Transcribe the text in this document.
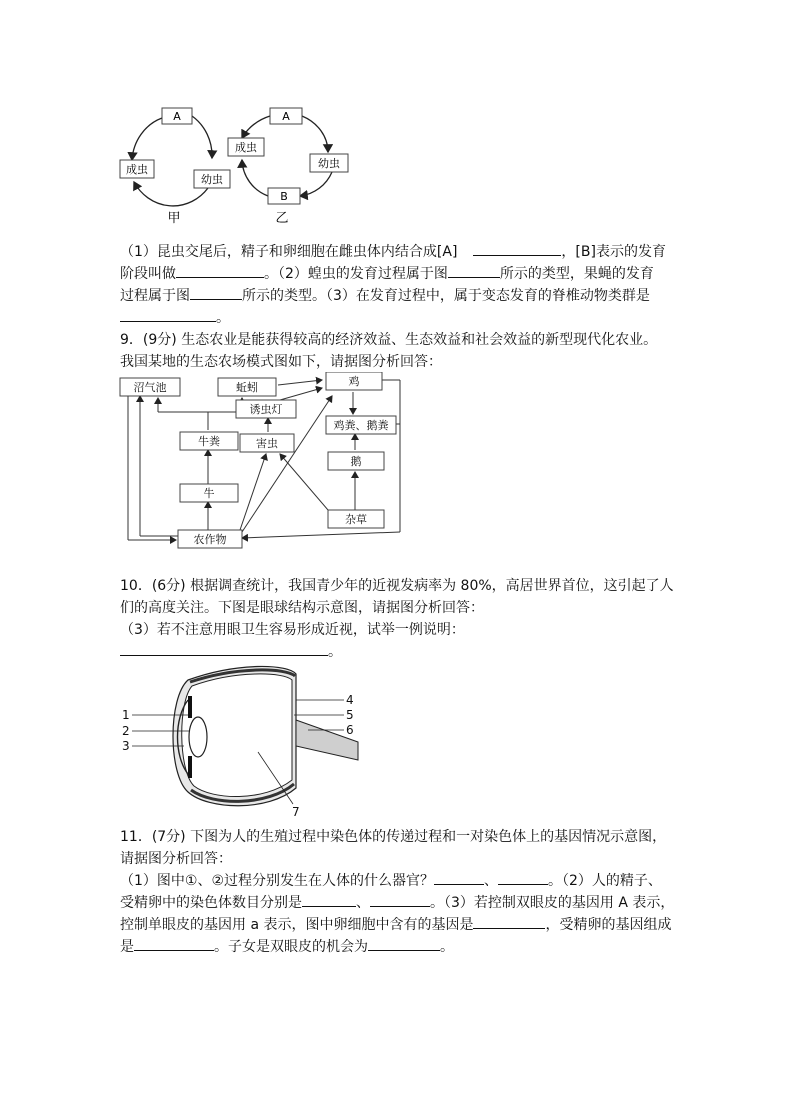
A
成虫
幼虫
甲
A
成虫
幼虫
B
乙
（1）昆虫交尾后，精子和卵细胞在雌虫体内结合成[A]	，[B]表示的发育
阶段叫做	。（2）蝗虫的发育过程属于图	所示的类型，果蝇的发育
过程属于图	所示的类型。（3）在发育过程中，属于变态发育的脊椎动物类群是
。
9．(9分) 生态农业是能获得较高的经济效益、生态效益和社会效益的新型现代化农业。
我国某地的生态农场模式图如下，请据图分析回答：
沼气池	蚯蚓	鸡
诱虫灯
鸡粪、鹅粪
牛粪	害虫
鹅
牛
杂草
农作物
10．(6分) 根据调查统计，我国青少年的近视发病率为 80%，高居世界首位，这引起了人
们的高度关注。下图是眼球结构示意图，请据图分析回答：
（3）若不注意用眼卫生容易形成近视，试举一例说明：
。
1
2
3
4
5
6
7
11．(7分) 下图为人的生殖过程中染色体的传递过程和一对染色体上的基因情况示意图，
请据图分析回答：
（1）图中①、②过程分别发生在人体的什么器官？	、	。（2）人的精子、
受精卵中的染色体数目分别是	、	。（3）若控制双眼皮的基因用 A 表示，
控制单眼皮的基因用 a 表示，图中卵细胞中含有的基因是	，受精卵的基因组成
是	。子女是双眼皮的机会为	。
